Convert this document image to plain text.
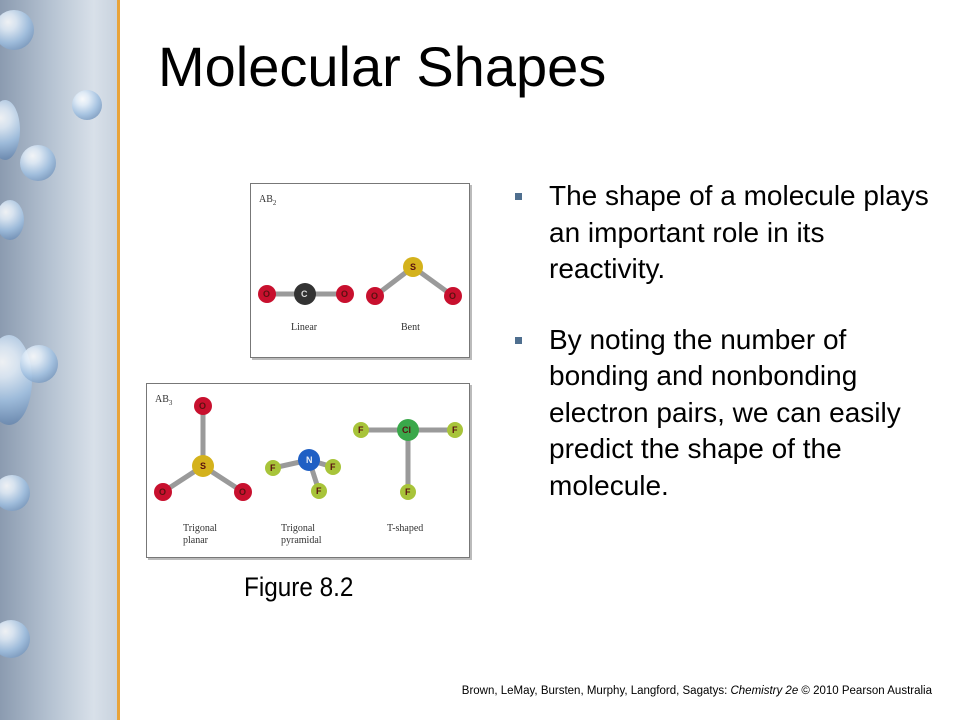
Molecular Shapes
$AB_2$
O	C	O
Linear
O
S
O
Bent
$AB_3$	O
S
O	O
Trigonal
planar
N
F	F
F
Trigonal
pyramidal
Cl
F	F
F
T-shaped
Figure 8.2
The shape of a molecule plays an important role in its reactivity.
By noting the number of bonding and nonbonding electron pairs, we can easily predict the shape of the molecule.
Brown, LeMay, Bursten, Murphy, Langford, Sagatys: Chemistry 2e © 2010 Pearson Australia
